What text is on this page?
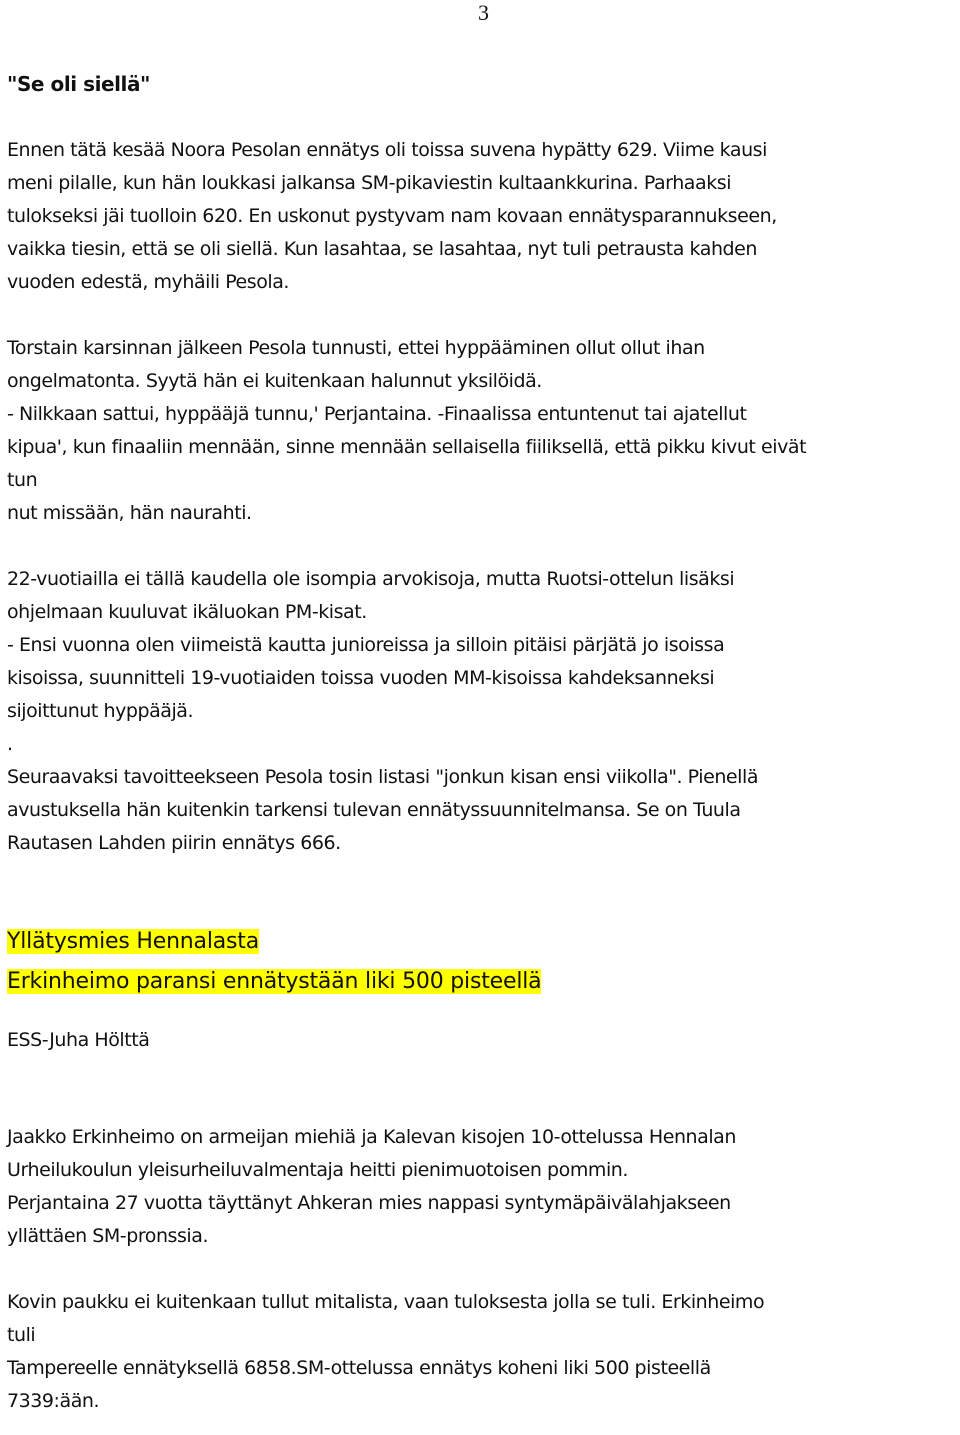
3

"Se oli siellä"

Ennen tätä kesää Noora Pesolan ennätys oli toissa suvena hypätty 629. Viime kausi
meni pilalle, kun hän loukkasi jalkansa SM-pikaviestin kultaankkurina. Parhaaksi
tulokseksi jäi tuolloin 620. En uskonut pystyvam nam kovaan ennätysparannukseen,
vaikka tiesin, että se oli siellä. Kun lasahtaa, se lasahtaa, nyt tuli petrausta kahden
vuoden edestä, myhäili Pesola.

Torstain karsinnan jälkeen Pesola tunnusti, ettei hyppääminen ollut ollut ihan
ongelmatonta. Syytä hän ei kuitenkaan halunnut yksilöidä.
- Nilkkaan sattui, hyppääjä tunnu,' Perjantaina. -Finaalissa entuntenut tai ajatellut
kipua', kun finaaliin mennään, sinne mennään sellaisella fiiliksellä, että pikku kivut eivät
tun
nut missään, hän naurahti.

22-vuotiailla ei tällä kaudella ole isompia arvokisoja, mutta Ruotsi-ottelun lisäksi
ohjelmaan kuuluvat ikäluokan PM-kisat.
- Ensi vuonna olen viimeistä kautta junioreissa ja silloin pitäisi pärjätä jo isoissa
kisoissa, suunnitteli 19-vuotiaiden toissa vuoden MM-kisoissa kahdeksanneksi
sijoittunut hyppääjä.
.
Seuraavaksi tavoitteekseen Pesola tosin listasi "jonkun kisan ensi viikolla". Pienellä
avustuksella hän kuitenkin tarkensi tulevan ennätyssuunnitelmansa. Se on Tuula
Rautasen Lahden piirin ennätys 666.

Yllätysmies Hennalasta
Erkinheimo paransi ennätystään liki 500 pisteellä

ESS-Juha Hölttä

Jaakko Erkinheimo on armeijan miehiä ja Kalevan kisojen 10-ottelussa Hennalan
Urheilukoulun yleisurheiluvalmentaja heitti pienimuotoisen pommin.
Perjantaina 27 vuotta täyttänyt Ahkeran mies nappasi syntymäpäivälahjakseen
yllättäen SM-pronssia.

Kovin paukku ei kuitenkaan tullut mitalista, vaan tuloksesta jolla se tuli. Erkinheimo
tuli
Tampereelle ennätyksellä 6858.SM-ottelussa ennätys koheni liki 500 pisteellä
7339:ään.
